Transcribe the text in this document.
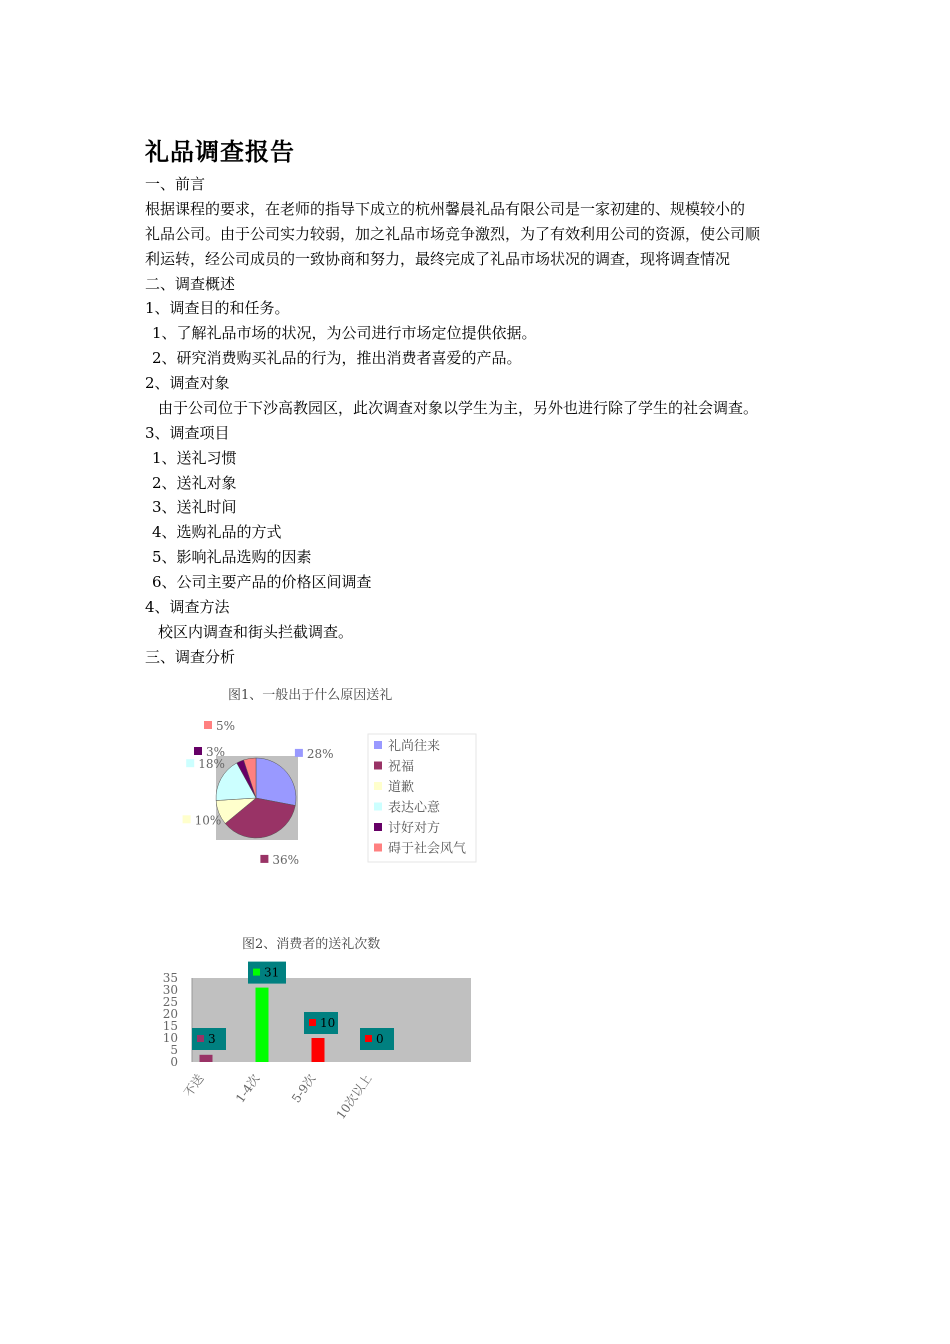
礼品调查报告
一、前言
根据课程的要求，在老师的指导下成立的杭州馨晨礼品有限公司是一家初建的、规模较小的
礼品公司。由于公司实力较弱，加之礼品市场竞争激烈，为了有效利用公司的资源，使公司顺
利运转，经公司成员的一致协商和努力，最终完成了礼品市场状况的调查，现将调查情况
二、调查概述
1、调查目的和任务。
1、了解礼品市场的状况，为公司进行市场定位提供依据。
2、研究消费购买礼品的行为，推出消费者喜爱的产品。
2、调查对象
由于公司位于下沙高教园区，此次调查对象以学生为主，另外也进行除了学生的社会调查。
3、调查项目
1、送礼习惯
2、送礼对象
3、送礼时间
4、选购礼品的方式
5、影响礼品选购的因素
6、公司主要产品的价格区间调查
4、调查方法
校区内调查和街头拦截调查。
三、调查分析
图1、一般出于什么原因送礼
28%
36%
10%
18%
3%
5%
礼尚往来
祝福
道歉
表达心意
讨好对方
碍于社会风气
图2、消费者的送礼次数
35
30
25
20
15
10
5
0
3
31
10
0
不送 1-4次 5-9次 10次以上
